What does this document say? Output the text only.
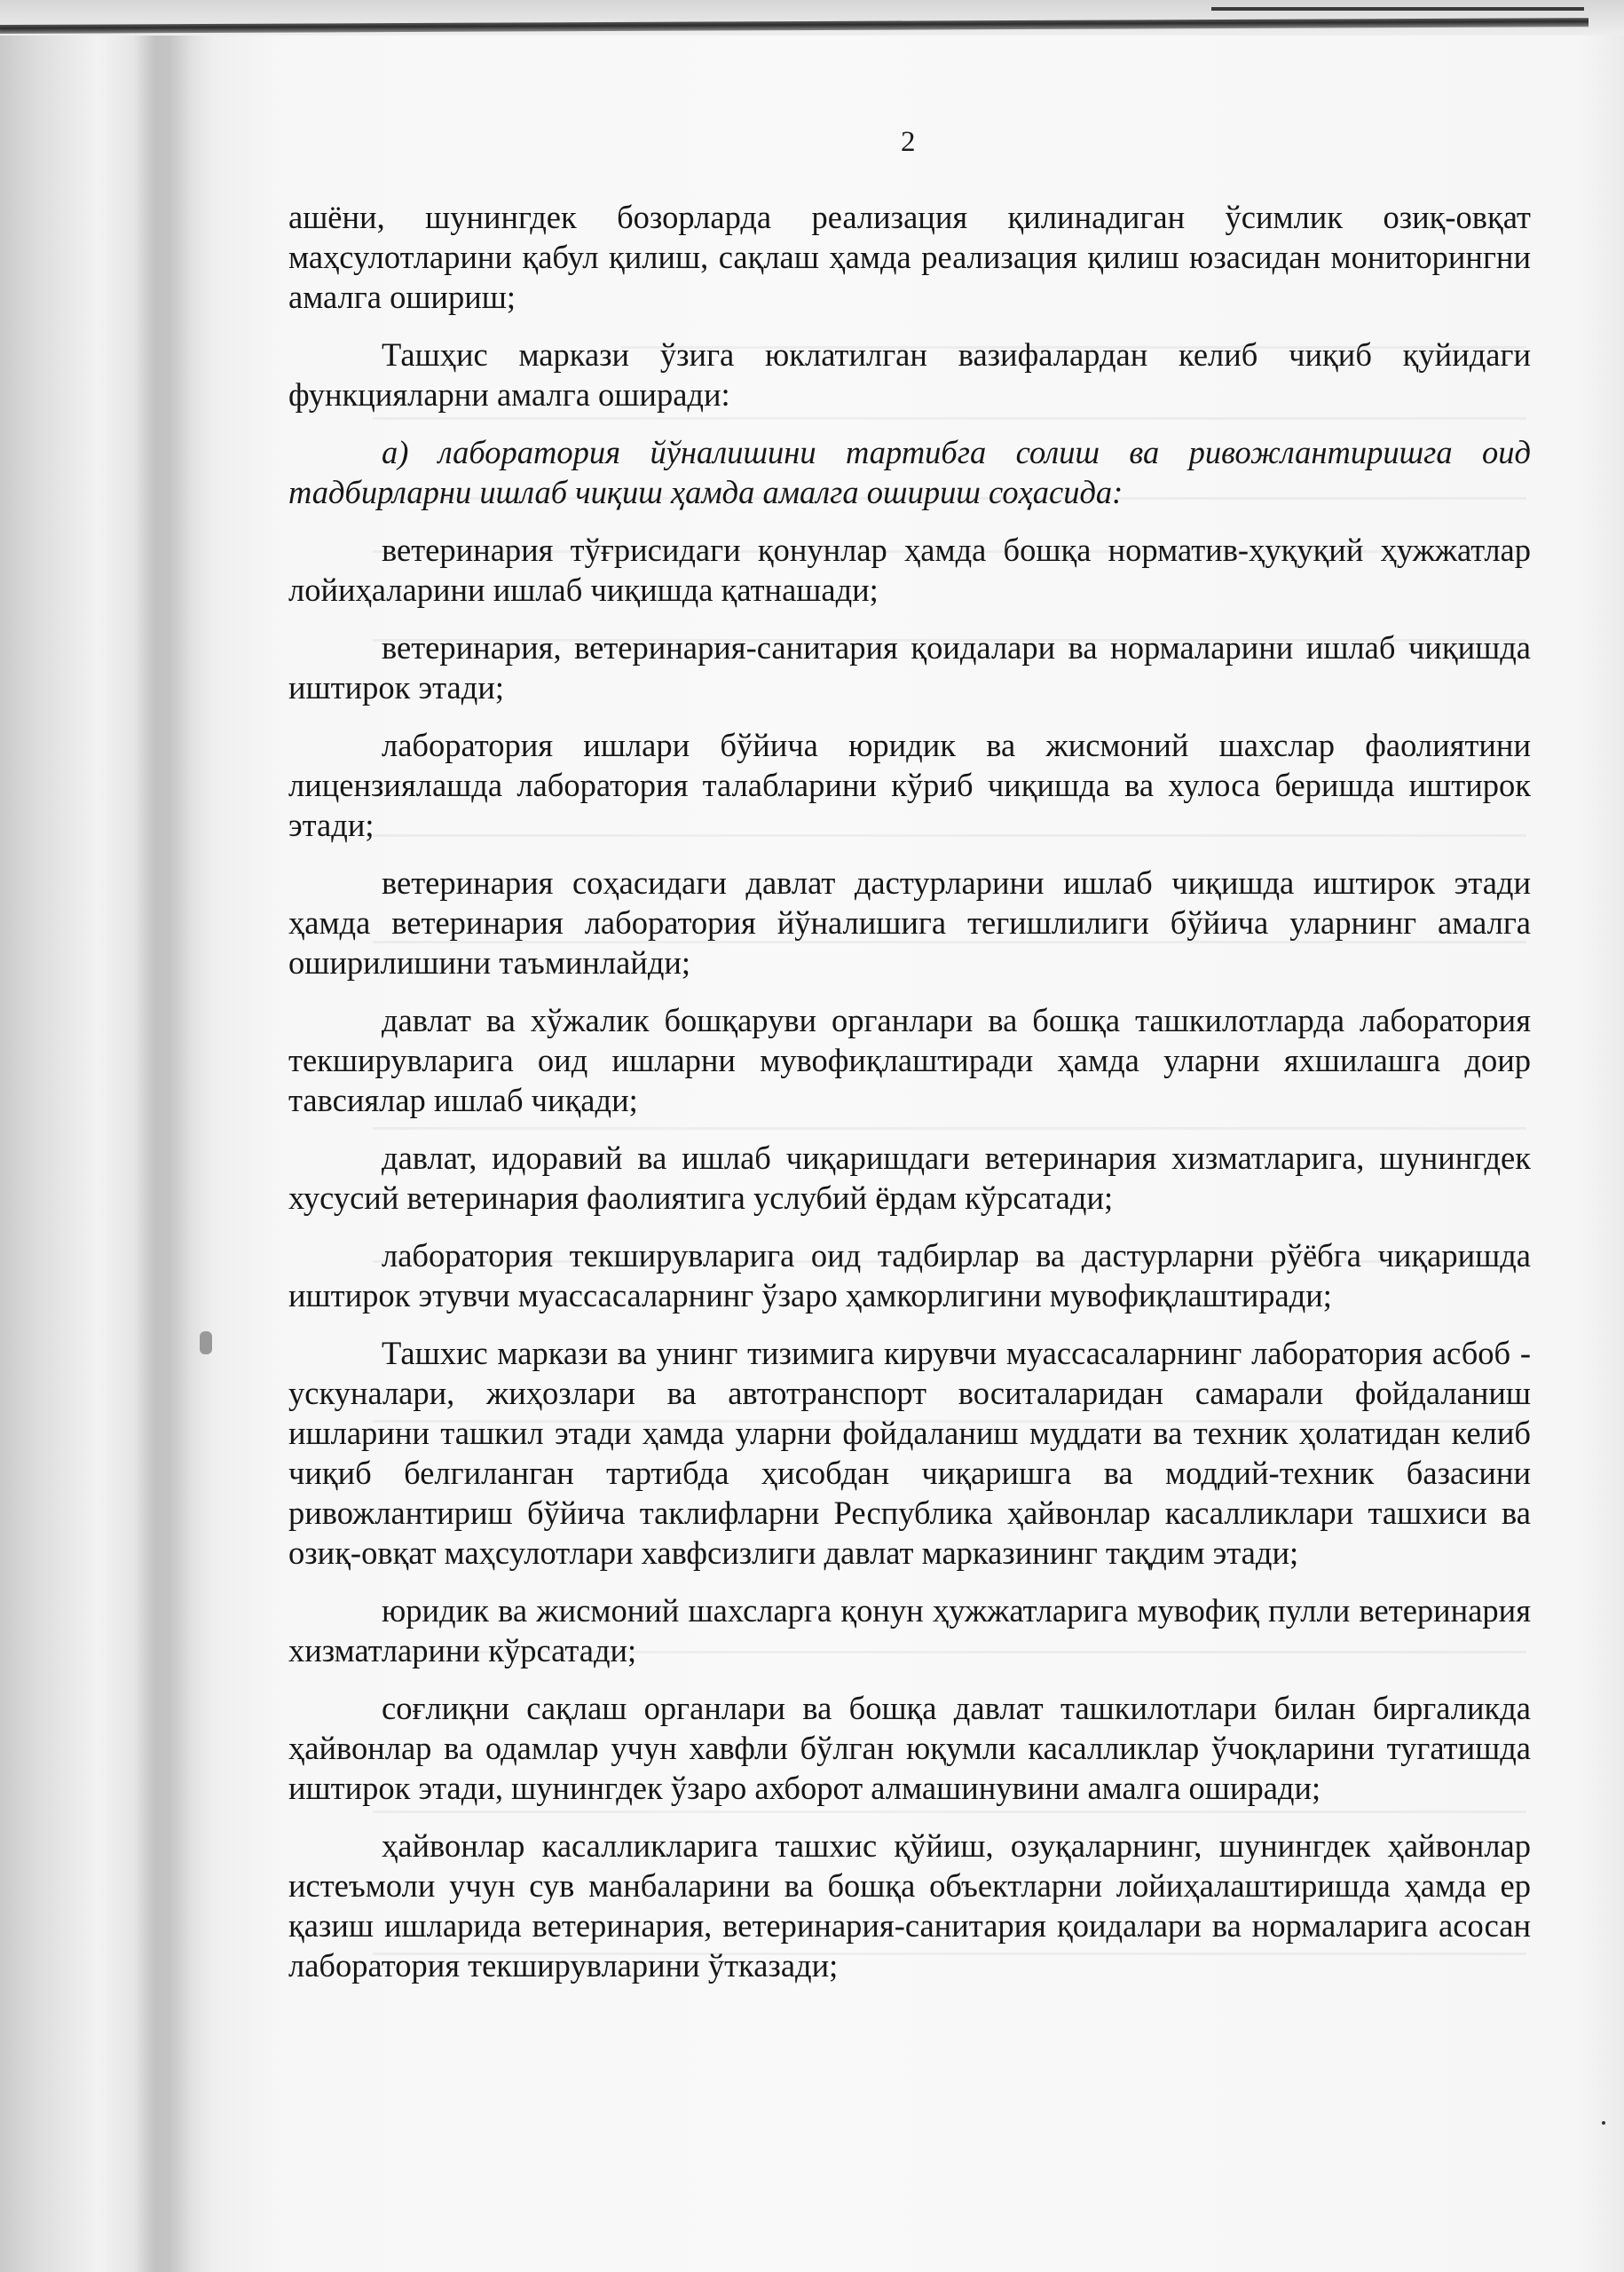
2

ашёни, шунингдек бозорларда реализация қилинадиган ўсимлик озиқ-овқат маҳсулотларини қабул қилиш, сақлаш ҳамда реализация қилиш юзасидан мониторингни амалга ошириш;

Ташҳис маркази ўзига юклатилган вазифалардан келиб чиқиб қуйидаги функцияларни амалга оширади:

а) лаборатория йўналишини тартибга солиш ва ривожлантиришга оид тадбирларни ишлаб чиқиш ҳамда амалга ошириш соҳасида:

ветеринария тўғрисидаги қонунлар ҳамда бошқа норматив-ҳуқуқий ҳужжатлар лойиҳаларини ишлаб чиқишда қатнашади;

ветеринария, ветеринария-санитария қоидалари ва нормаларини ишлаб чиқишда иштирок этади;

лаборатория ишлари бўйича юридик ва жисмоний шахслар фаолиятини лицензиялашда лаборатория талабларини кўриб чиқишда ва хулоса беришда иштирок этади;

ветеринария соҳасидаги давлат дастурларини ишлаб чиқишда иштирок этади ҳамда ветеринария лаборатория йўналишига тегишлилиги бўйича уларнинг амалга оширилишини таъминлайди;

давлат ва хўжалик бошқаруви органлари ва бошқа ташкилотларда лаборатория текширувларига оид ишларни мувофиқлаштиради ҳамда уларни яхшилашга доир тавсиялар ишлаб чиқади;

давлат, идоравий ва ишлаб чиқаришдаги ветеринария хизматларига, шунингдек хусусий ветеринария фаолиятига услубий ёрдам кўрсатади;

лаборатория текширувларига оид тадбирлар ва дастурларни рўёбга чиқаришда иштирок этувчи муассасаларнинг ўзаро ҳамкорлигини мувофиқлаштиради;

Ташхис маркази ва унинг тизимига кирувчи муассасаларнинг лаборатория асбоб - ускуналари, жиҳозлари ва автотранспорт воситаларидан самарали фойдаланиш ишларини ташкил этади ҳамда уларни фойдаланиш муддати ва техник ҳолатидан келиб чиқиб белгиланган тартибда ҳисобдан чиқаришга ва моддий-техник базасини ривожлантириш бўйича таклифларни Республика ҳайвонлар касалликлари ташхиси ва озиқ-овқат маҳсулотлари хавфсизлиги давлат марказининг тақдим этади;

юридик ва жисмоний шахсларга қонун ҳужжатларига мувофиқ пулли ветеринария хизматларини кўрсатади;

соғлиқни сақлаш органлари ва бошқа давлат ташкилотлари билан биргаликда ҳайвонлар ва одамлар учун хавфли бўлган юқумли касалликлар ўчоқларини тугатишда иштирок этади, шунингдек ўзаро ахборот алмашинувини амалга оширади;

ҳайвонлар касалликларига ташхис қўйиш, озуқаларнинг, шунингдек ҳайвонлар истеъмоли учун сув манбаларини ва бошқа объектларни лойиҳалаштиришда ҳамда ер қазиш ишларида ветеринария, ветеринария-санитария қоидалари ва нормаларига асосан лаборатория текширувларини ўтказади;
